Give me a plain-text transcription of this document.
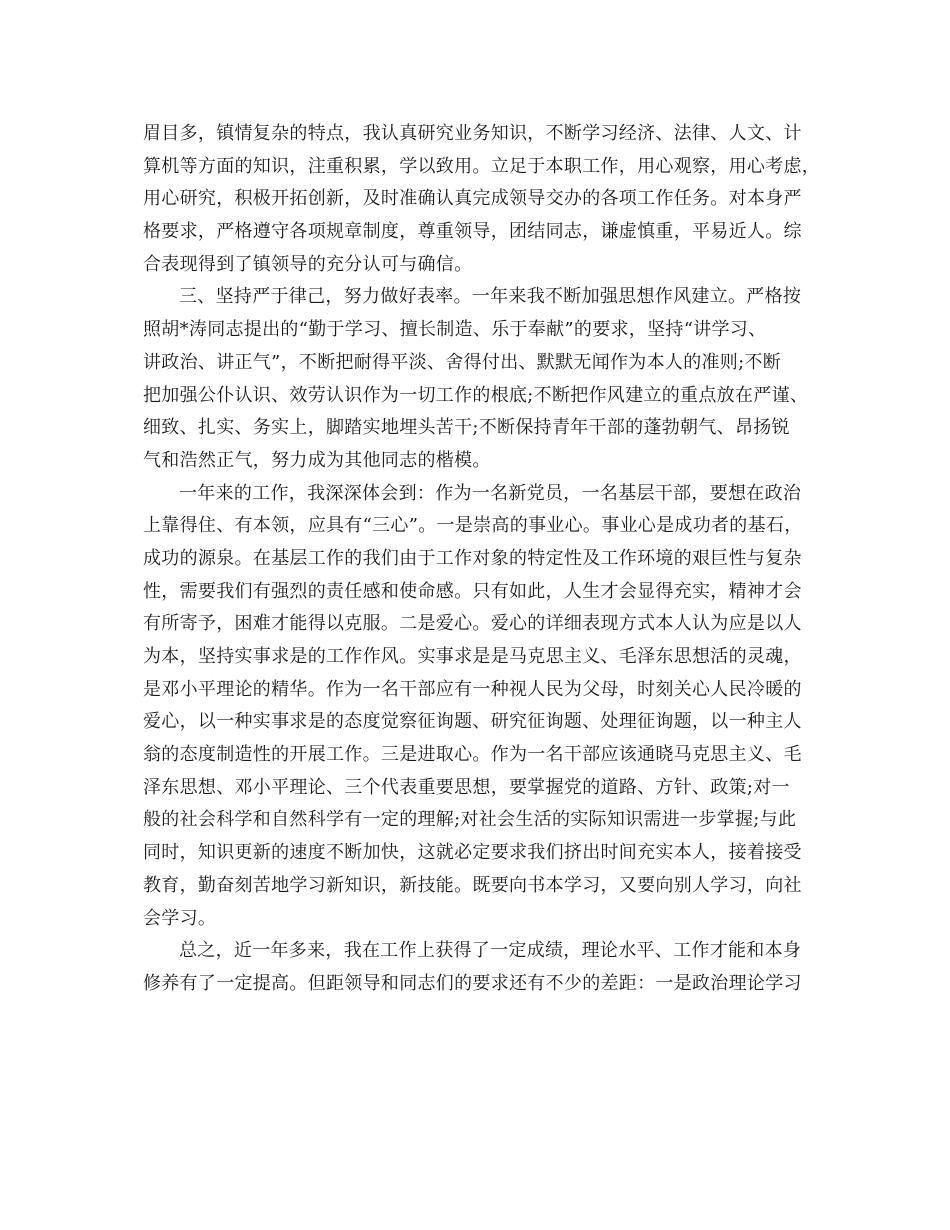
眉目多，镇情复杂的特点，我认真研究业务知识，不断学习经济、法律、人文、计
算机等方面的知识，注重积累，学以致用。立足于本职工作，用心观察，用心考虑，
用心研究，积极开拓创新，及时准确认真完成领导交办的各项工作任务。对本身严
格要求，严格遵守各项规章制度，尊重领导，团结同志，谦虚慎重，平易近人。综
合表现得到了镇领导的充分认可与确信。
三、坚持严于律己，努力做好表率。一年来我不断加强思想作风建立。严格按
照胡*涛同志提出的“勤于学习、擅长制造、乐于奉献”的要求，坚持“讲学习、
讲政治、讲正气”，不断把耐得平淡、舍得付出、默默无闻作为本人的准则;不断
把加强公仆认识、效劳认识作为一切工作的根底;不断把作风建立的重点放在严谨、
细致、扎实、务实上，脚踏实地埋头苦干;不断保持青年干部的蓬勃朝气、昂扬锐
气和浩然正气，努力成为其他同志的楷模。
一年来的工作，我深深体会到：作为一名新党员，一名基层干部，要想在政治
上靠得住、有本领，应具有“三心”。一是崇高的事业心。事业心是成功者的基石，
成功的源泉。在基层工作的我们由于工作对象的特定性及工作环境的艰巨性与复杂
性，需要我们有强烈的责任感和使命感。只有如此，人生才会显得充实，精神才会
有所寄予，困难才能得以克服。二是爱心。爱心的详细表现方式本人认为应是以人
为本，坚持实事求是的工作作风。实事求是是马克思主义、毛泽东思想活的灵魂，
是邓小平理论的精华。作为一名干部应有一种视人民为父母，时刻关心人民冷暖的
爱心，以一种实事求是的态度觉察征询题、研究征询题、处理征询题，以一种主人
翁的态度制造性的开展工作。三是进取心。作为一名干部应该通晓马克思主义、毛
泽东思想、邓小平理论、三个代表重要思想，要掌握党的道路、方针、政策;对一
般的社会科学和自然科学有一定的理解;对社会生活的实际知识需进一步掌握;与此
同时，知识更新的速度不断加快，这就必定要求我们挤出时间充实本人，接着接受
教育，勤奋刻苦地学习新知识，新技能。既要向书本学习，又要向别人学习，向社
会学习。
总之，近一年多来，我在工作上获得了一定成绩，理论水平、工作才能和本身
修养有了一定提高。但距领导和同志们的要求还有不少的差距：一是政治理论学习
